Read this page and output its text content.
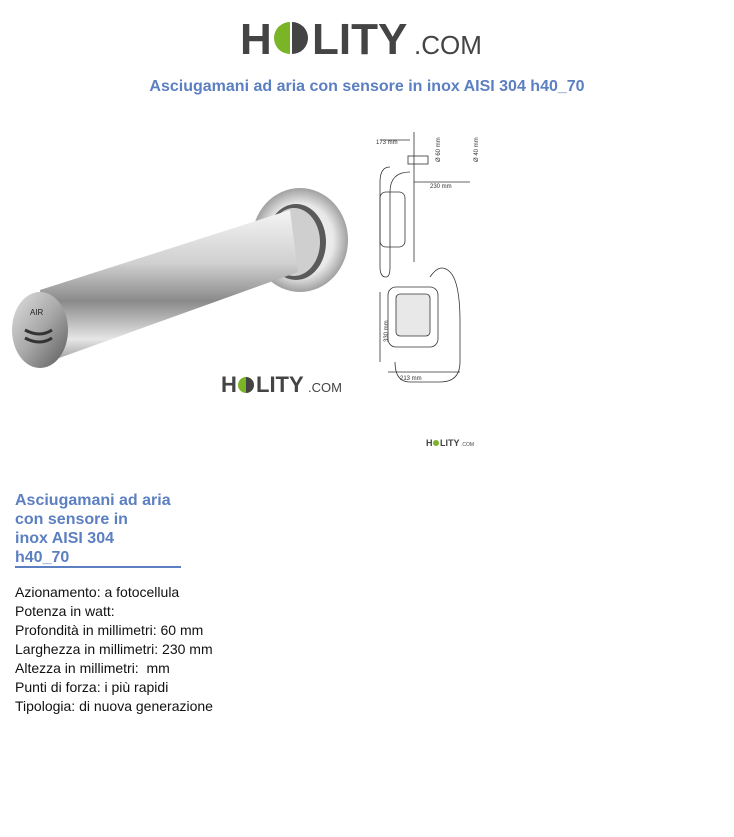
H LITY .COM
Asciugamani ad aria con sensore in inox AISI 304 h40_70
AIR
H LITY .COM
173 mm	Ø 60 mm	Ø 40 mm
230 mm
330 mm
213 mm
H LITY .COM
Asciugamani ad aria
con sensore in
inox AISI 304
h40_70
Azionamento: a fotocellula
Potenza in watt:
Profondità in millimetri: 60 mm
Larghezza in millimetri: 230 mm
Altezza in millimetri:  mm
Punti di forza: i più rapidi
Tipologia: di nuova generazione
